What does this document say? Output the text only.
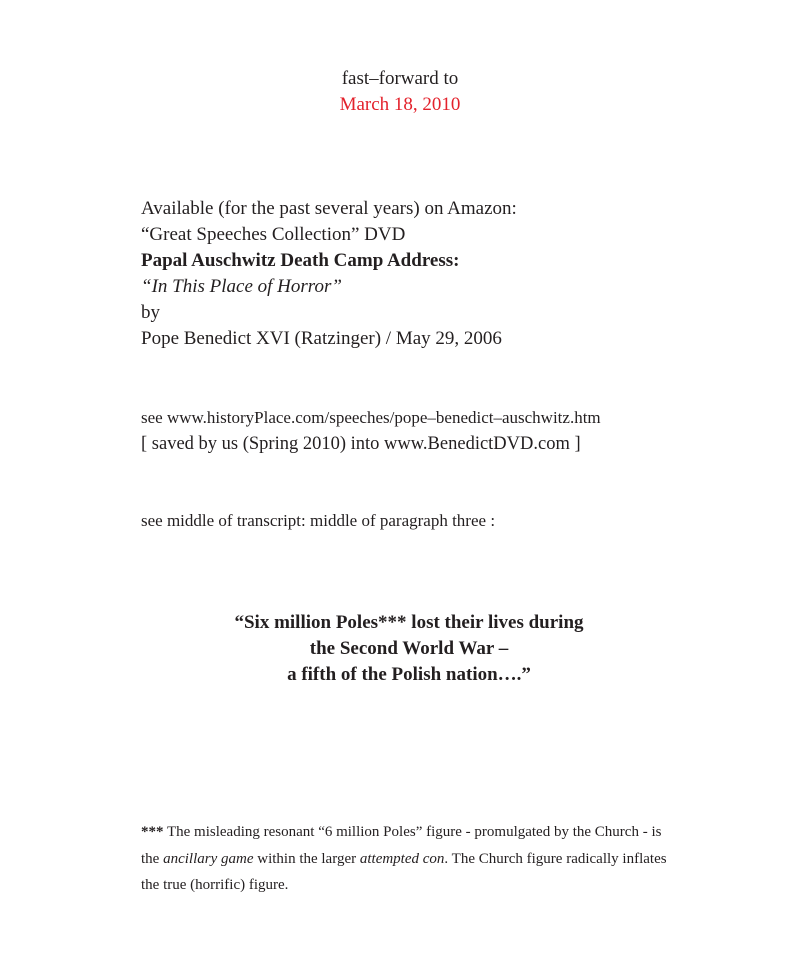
fast–forward to
March 18, 2010
Available (for the past several years) on Amazon:
“Great Speeches Collection” DVD
Papal Auschwitz Death Camp Address:
“In This Place of Horror”
by
Pope Benedict XVI (Ratzinger) / May 29, 2006
see www.historyPlace.com/speeches/pope–benedict–auschwitz.htm
[ saved by us (Spring 2010) into www.BenedictDVD.com ]
see middle of transcript: middle of paragraph three :
“Six million Poles*** lost their lives during
the Second World War –
a fifth of the Polish nation….”
*** The misleading resonant “6 million Poles” figure - promulgated by the Church - is the ancillary game within the larger attempted con. The Church figure radically inflates the true (horrific) figure.
